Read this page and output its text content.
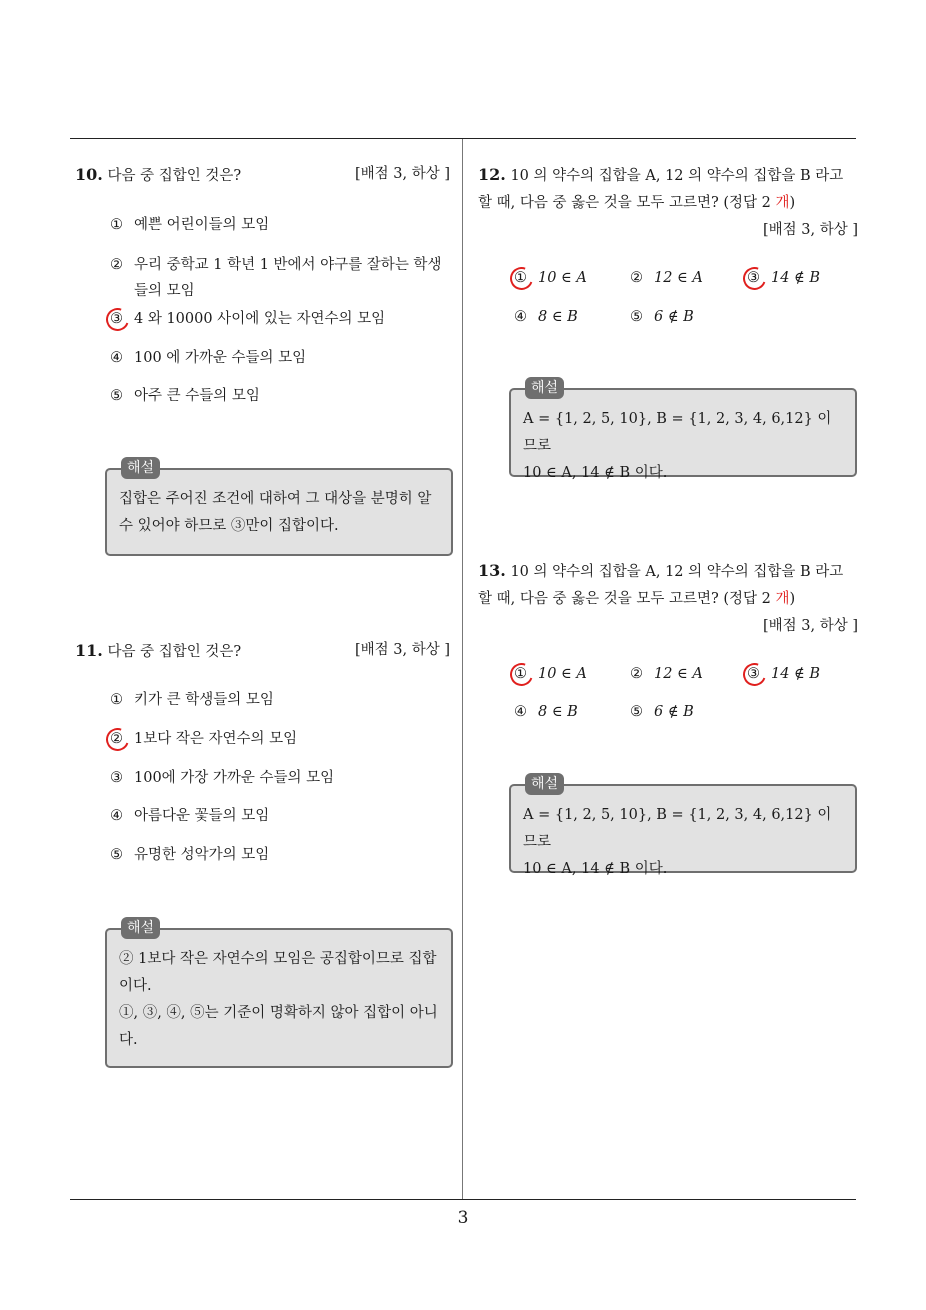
10. 다음 중 집합인 것은?	[배점 3, 하상 ]
① 예쁜 어린이들의 모임
② 우리 중학교 1 학년 1 반에서 야구를 잘하는 학생들의 모임
③ 4 와 10000 사이에 있는 자연수의 모임
④ 100 에 가까운 수들의 모임
⑤ 아주 큰 수들의 모임
해설
집합은 주어진 조건에 대하여 그 대상을 분명히 알 수 있어야 하므로 ③만이 집합이다.
11. 다음 중 집합인 것은?	[배점 3, 하상 ]
① 키가 큰 학생들의 모임
② 1보다 작은 자연수의 모임
③ 100에 가장 가까운 수들의 모임
④ 아름다운 꽃들의 모임
⑤ 유명한 성악가의 모임
해설
② 1보다 작은 자연수의 모임은 공집합이므로 집합이다.
①, ③, ④, ⑤는 기준이 명확하지 않아 집합이 아니다.
12. 10 의 약수의 집합을 A, 12 의 약수의 집합을 B 라고 할 때, 다음 중 옳은 것을 모두 고르면? (정답 2 개)
[배점 3, 하상 ]
① 10 ∈ A	② 12 ∈ A	③ 14 ∉ B
④ 8 ∈ B	⑤ 6 ∉ B
해설
A = {1, 2, 5, 10}, B = {1, 2, 3, 4, 6,12} 이므로
10 ∈ A, 14 ∉ B 이다.
13. 10 의 약수의 집합을 A, 12 의 약수의 집합을 B 라고 할 때, 다음 중 옳은 것을 모두 고르면? (정답 2 개)
[배점 3, 하상 ]
① 10 ∈ A	② 12 ∈ A	③ 14 ∉ B
④ 8 ∈ B	⑤ 6 ∉ B
해설
A = {1, 2, 5, 10}, B = {1, 2, 3, 4, 6,12} 이므로
10 ∈ A, 14 ∉ B 이다.
3
